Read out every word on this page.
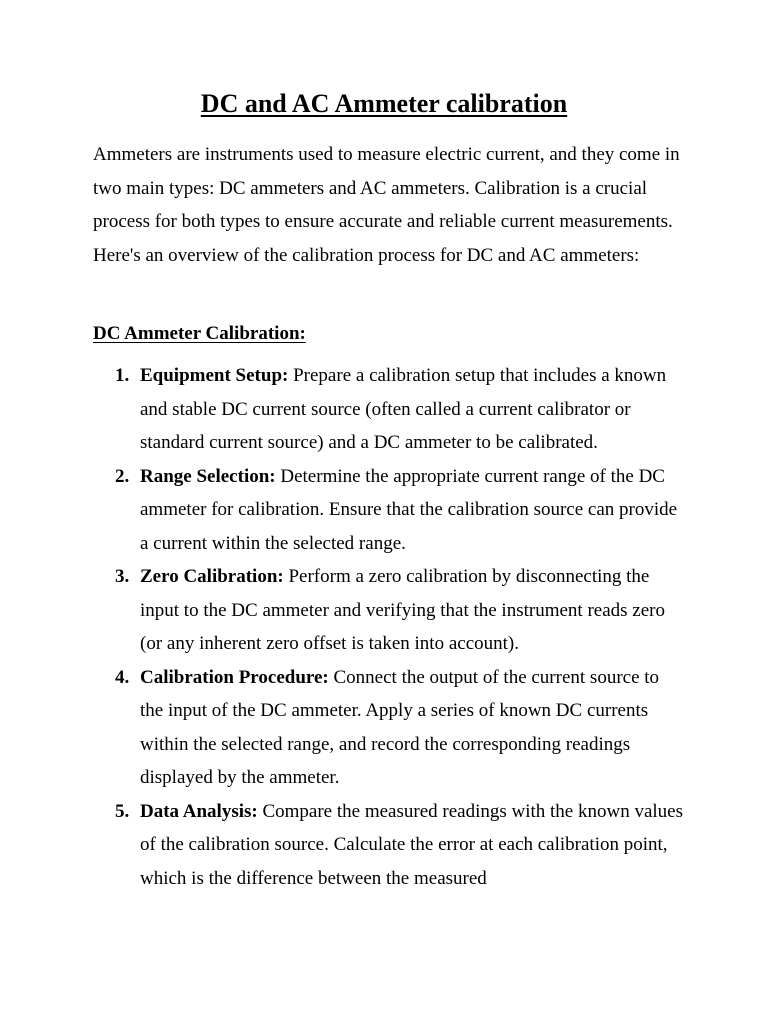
DC and AC Ammeter calibration

Ammeters are instruments used to measure electric current, and they come in two main types: DC ammeters and AC ammeters. Calibration is a crucial process for both types to ensure accurate and reliable current measurements. Here's an overview of the calibration process for DC and AC ammeters:

DC Ammeter Calibration:
1. Equipment Setup: Prepare a calibration setup that includes a known and stable DC current source (often called a current calibrator or standard current source) and a DC ammeter to be calibrated.
2. Range Selection: Determine the appropriate current range of the DC ammeter for calibration. Ensure that the calibration source can provide a current within the selected range.
3. Zero Calibration: Perform a zero calibration by disconnecting the input to the DC ammeter and verifying that the instrument reads zero (or any inherent zero offset is taken into account).
4. Calibration Procedure: Connect the output of the current source to the input of the DC ammeter. Apply a series of known DC currents within the selected range, and record the corresponding readings displayed by the ammeter.
5. Data Analysis: Compare the measured readings with the known values of the calibration source. Calculate the error at each calibration point, which is the difference between the measured
